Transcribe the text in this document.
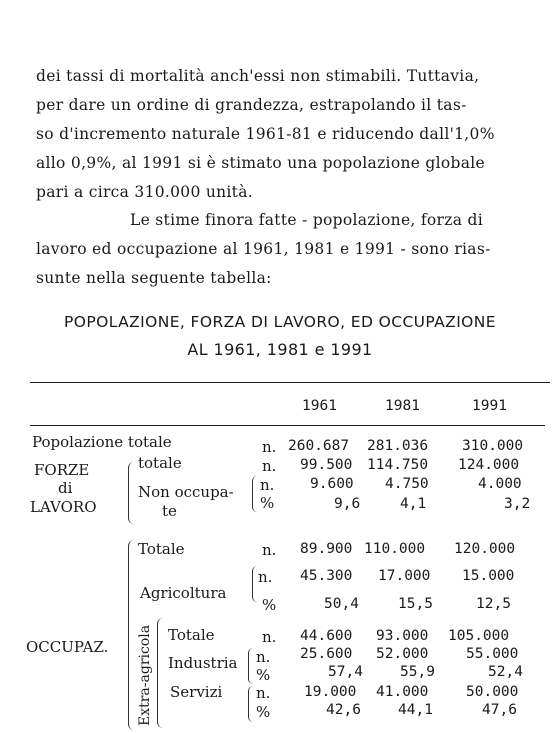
dei tassi di mortalità anch'essi non stimabili. Tuttavia,
per dare un ordine di grandezza, estrapolando il tas-
so d'incremento naturale 1961-81 e riducendo dall'1,0%
allo 0,9%, al 1991 si è stimato una popolazione globale
pari a circa 310.000 unità.
Le stime finora fatte - popolazione, forza di
lavoro ed occupazione al 1961, 1981 e 1991 - sono rias-
sunte nella seguente tabella:
POPOLAZIONE, FORZA DI LAVORO, ED OCCUPAZIONE
AL 1961, 1981 e 1991
1961	1981	1991
Popolazione totale
FORZE
di
LAVORO
OCCUPAZ. Extra-agricola
totale
Non occupa-
te
Totale
Agricoltura
Totale
Industria
Servizi
n.
n.
n.
%
n.
n.
%
n.
n.
%
n.
%
260.687
99.500
9.600
9,6
89.900
45.300
50,4
44.600
25.600
57,4
19.000
42,6
281.036
114.750
4.750
4,1
110.000
17.000
15,5
93.000
52.000
55,9
41.000
44,1
310.000
124.000
4.000
3,2
120.000
15.000
12,5
105.000
55.000
52,4
50.000
47,6
